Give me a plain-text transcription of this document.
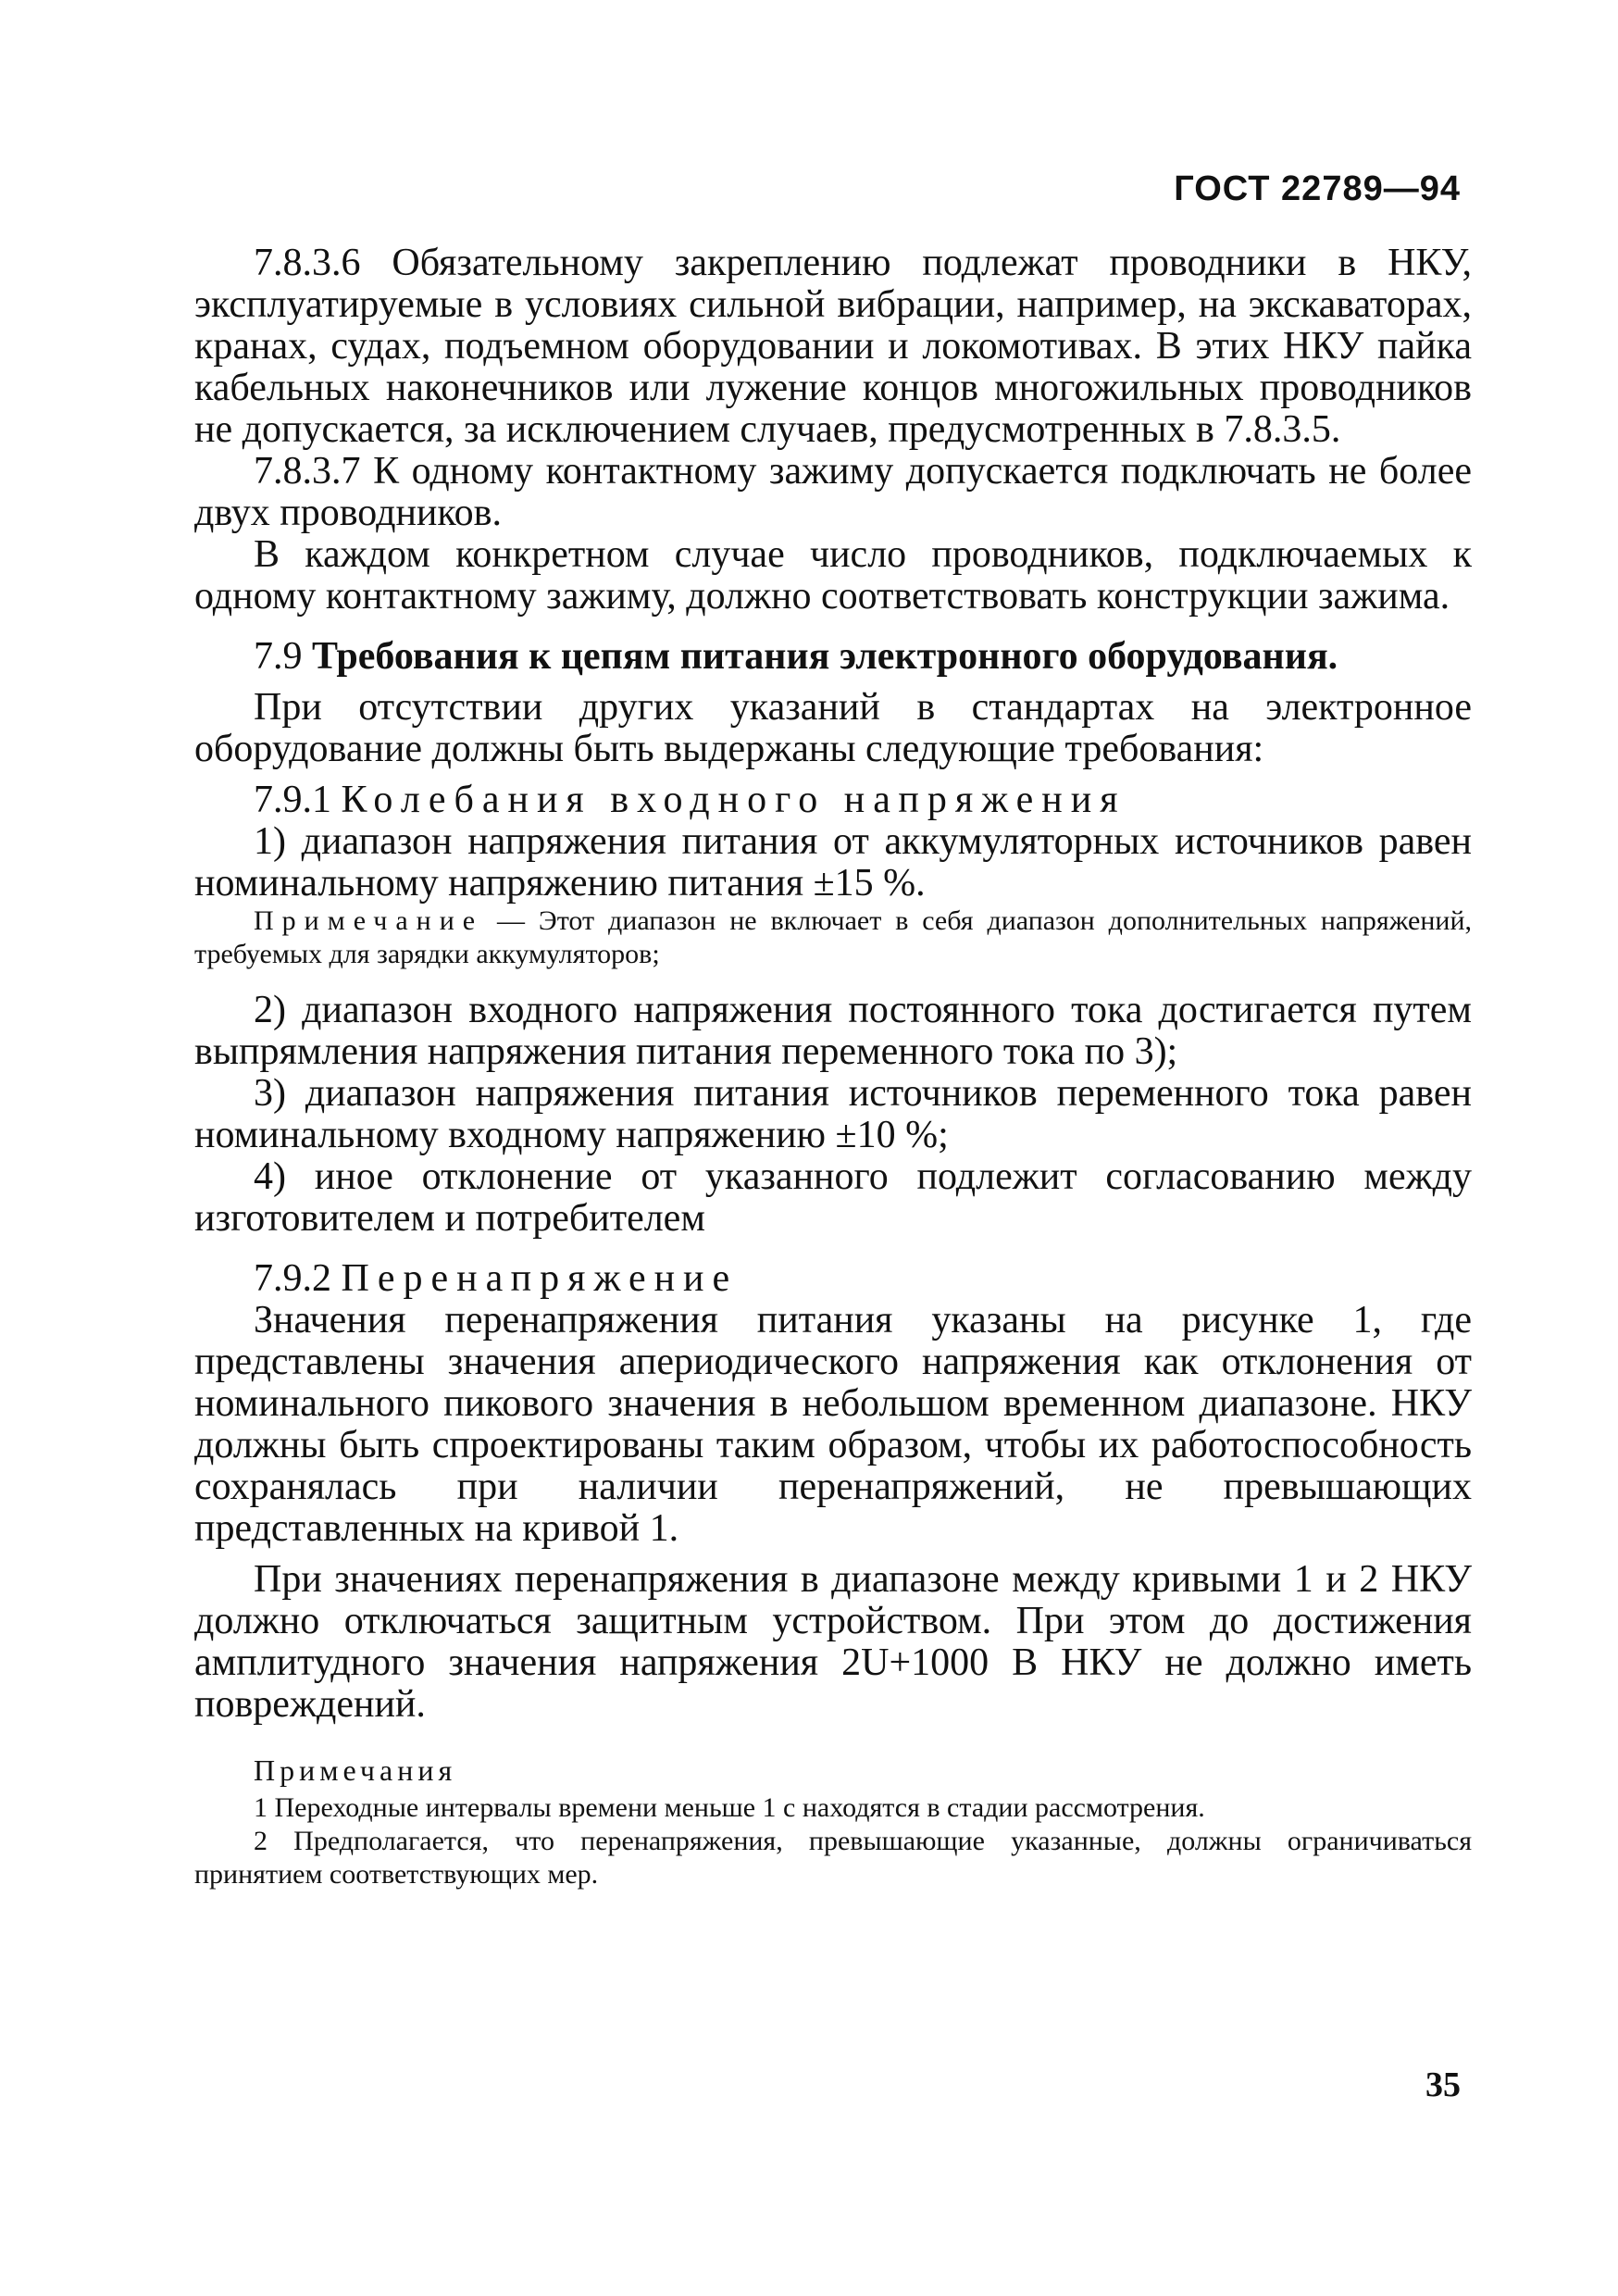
ГОСТ 22789—94

7.8.3.6 Обязательному закреплению подлежат проводники в НКУ, эксплуатируемые в условиях сильной вибрации, например, на экскаваторах, кранах, судах, подъемном оборудовании и локомотивах. В этих НКУ пайка кабельных наконечников или лужение концов многожильных проводников не допускается, за исключением случаев, предусмотренных в 7.8.3.5.

7.8.3.7 К одному контактному зажиму допускается подключать не более двух проводников.

В каждом конкретном случае число проводников, подключаемых к одному контактному зажиму, должно соответствовать конструкции зажима.

7.9 Требования к цепям питания электронного оборудования.

При отсутствии других указаний в стандартах на электронное оборудование должны быть выдержаны следующие требования:

7.9.1 Колебания входного напряжения

1) диапазон напряжения питания от аккумуляторных источников равен номинальному напряжению питания ±15 %.

Примечание — Этот диапазон не включает в себя диапазон дополнительных напряжений, требуемых для зарядки аккумуляторов;

2) диапазон входного напряжения постоянного тока достигается путем выпрямления напряжения питания переменного тока по 3);

3) диапазон напряжения питания источников переменного тока равен номинальному входному напряжению ±10 %;

4) иное отклонение от указанного подлежит согласованию между изготовителем и потребителем

7.9.2 Перенапряжение

Значения перенапряжения питания указаны на рисунке 1, где представлены значения апериодического напряжения как отклонения от номинального пикового значения в небольшом временном диапазоне. НКУ должны быть спроектированы таким образом, чтобы их работоспособность сохранялась при наличии перенапряжений, не превышающих представленных на кривой 1.

При значениях перенапряжения в диапазоне между кривыми 1 и 2 НКУ должно отключаться защитным устройством. При этом до достижения амплитудного значения напряжения 2U+1000 В НКУ не должно иметь повреждений.

Примечания

1 Переходные интервалы времени меньше 1 с находятся в стадии рассмотрения.

2 Предполагается, что перенапряжения, превышающие указанные, должны ограничиваться принятием соответствующих мер.

35
